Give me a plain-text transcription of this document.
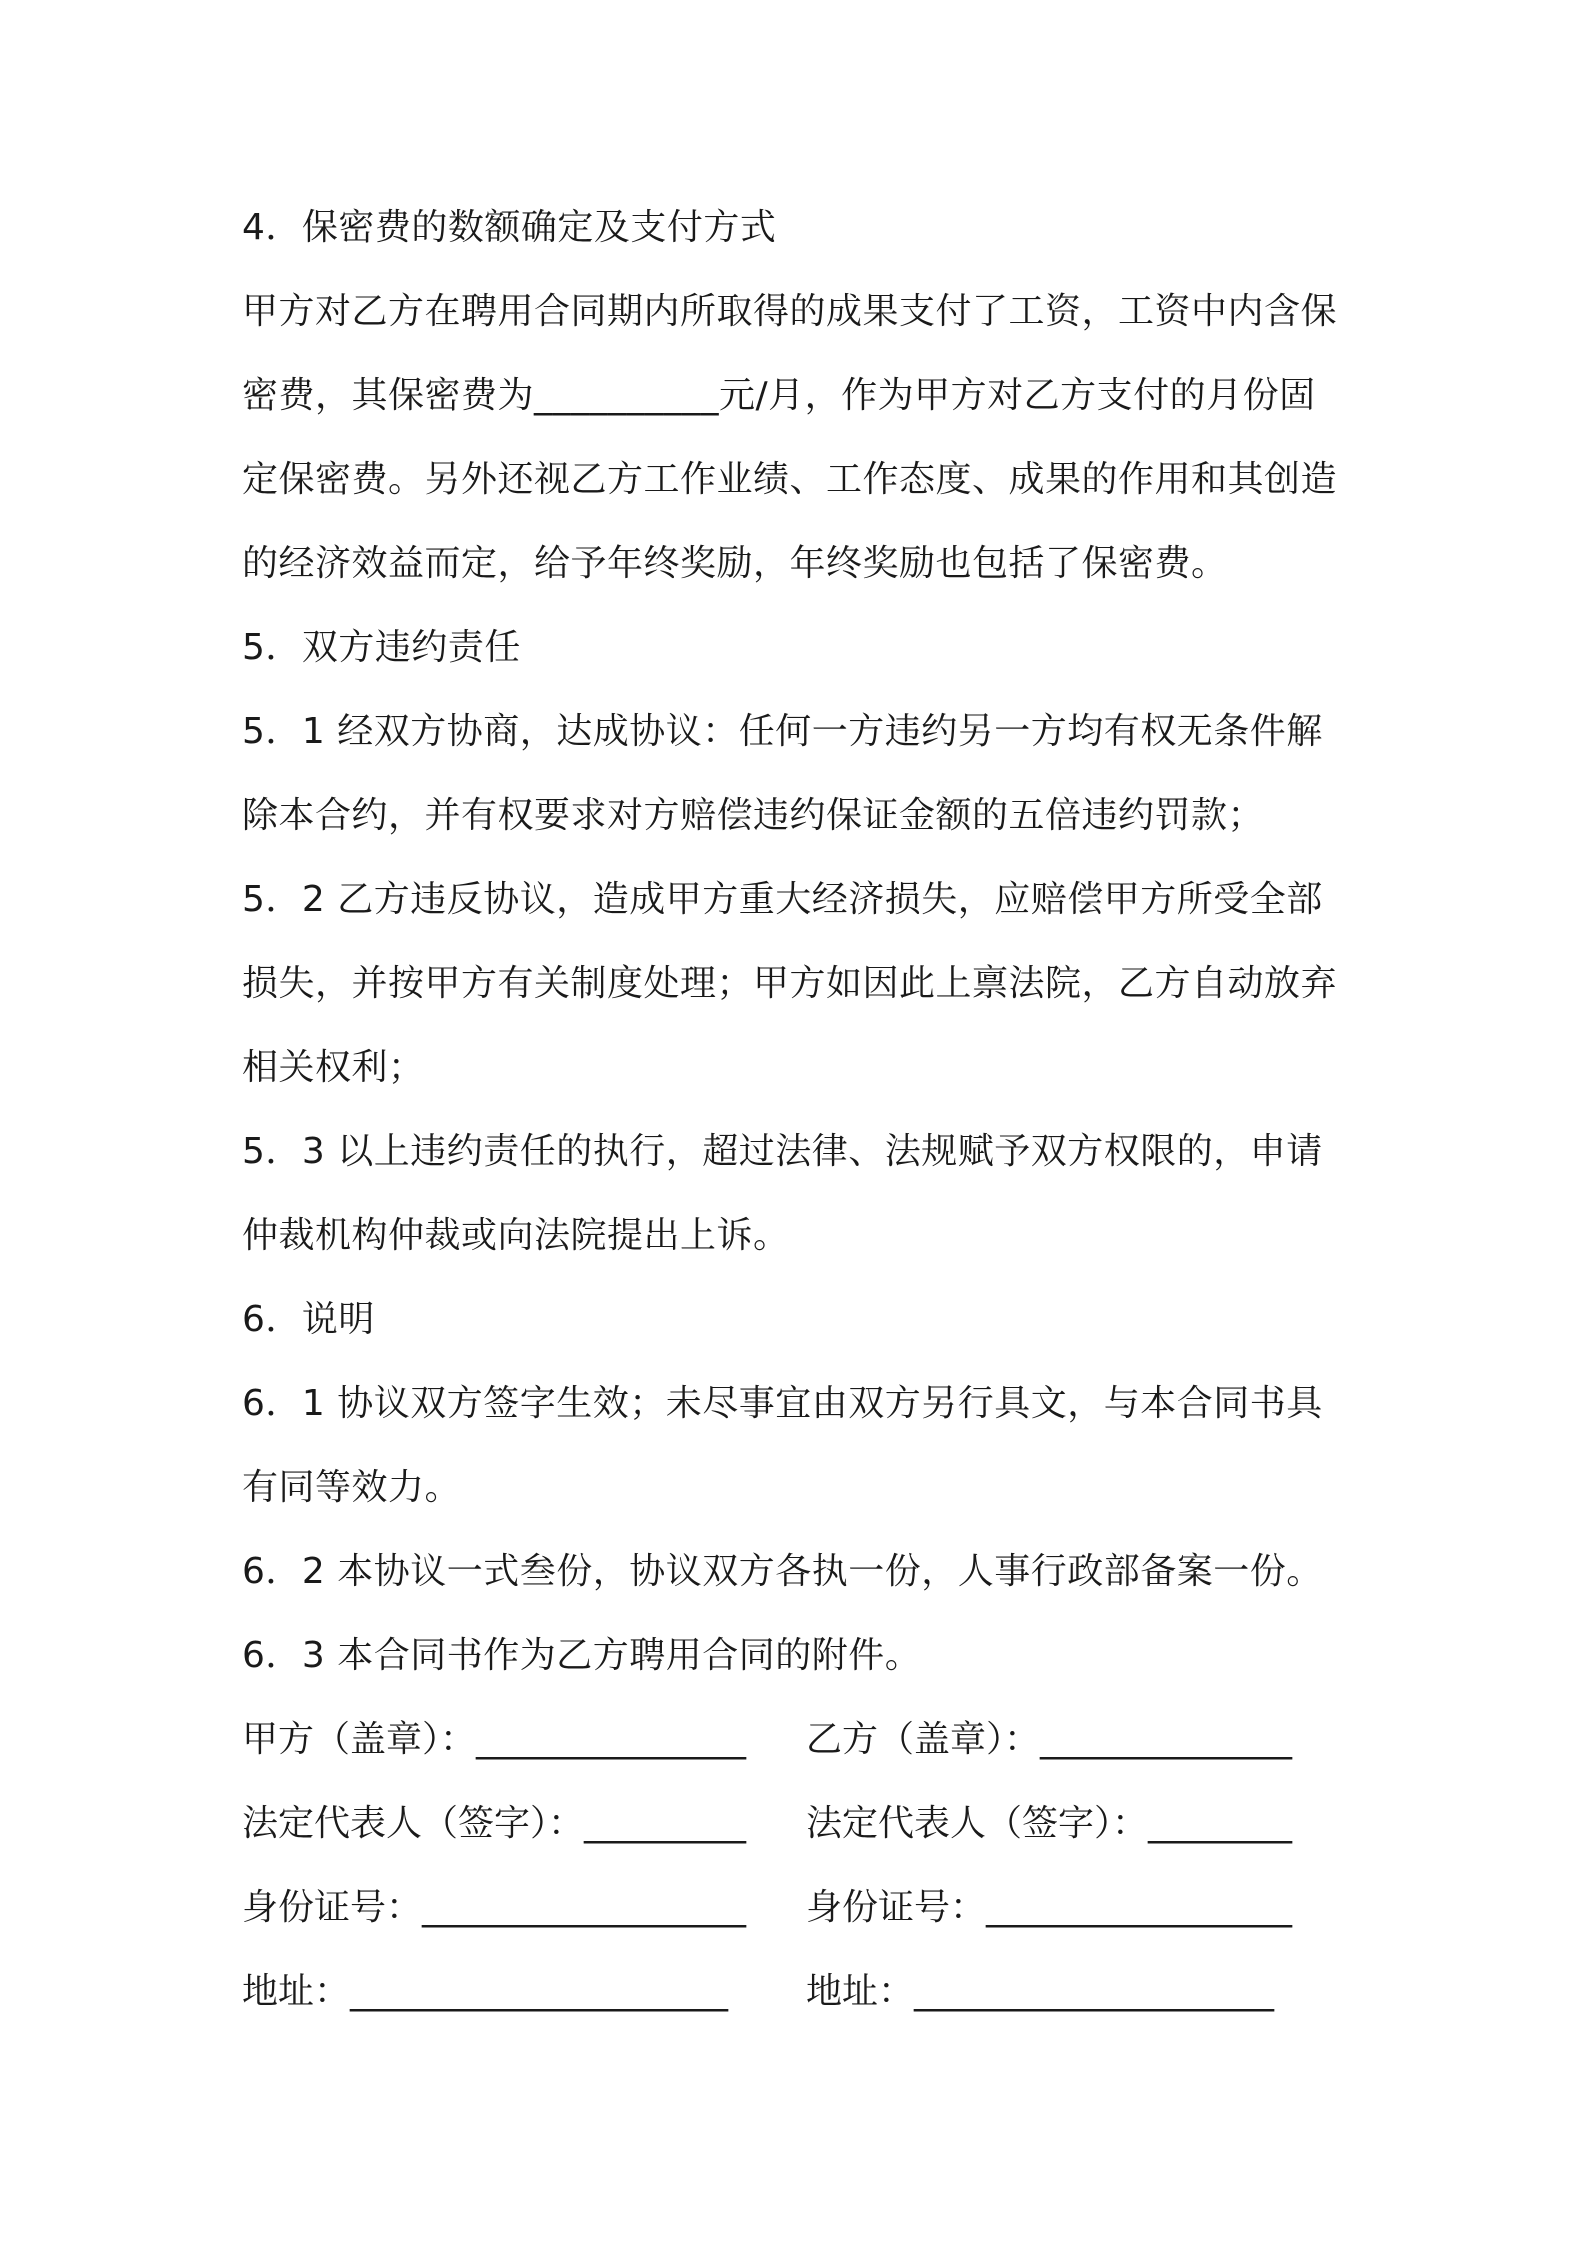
4．保密费的数额确定及支付方式
甲方对乙方在聘用合同期内所取得的成果支付了工资，工资中内含保
密费，其保密费为__________元/月，作为甲方对乙方支付的月份固
定保密费。另外还视乙方工作业绩、工作态度、成果的作用和其创造
的经济效益而定，给予年终奖励，年终奖励也包括了保密费。
5．双方违约责任
5．1 经双方协商，达成协议：任何一方违约另一方均有权无条件解
除本合约，并有权要求对方赔偿违约保证金额的五倍违约罚款；
5．2 乙方违反协议，造成甲方重大经济损失，应赔偿甲方所受全部
损失，并按甲方有关制度处理；甲方如因此上禀法院，乙方自动放弃
相关权利；
5．3 以上违约责任的执行，超过法律、法规赋予双方权限的，申请
仲裁机构仲裁或向法院提出上诉。
6．说明
6．1 协议双方签字生效；未尽事宜由双方另行具文，与本合同书具
有同等效力。
6．2 本协议一式叁份，协议双方各执一份，人事行政部备案一份。
6．3 本合同书作为乙方聘用合同的附件。
甲方（盖章）：_______________ 乙方（盖章）：______________
法定代表人（签字）：_________ 法定代表人（签字）：________
身份证号：__________________ 身份证号：_________________
地址：_____________________ 地址：____________________
